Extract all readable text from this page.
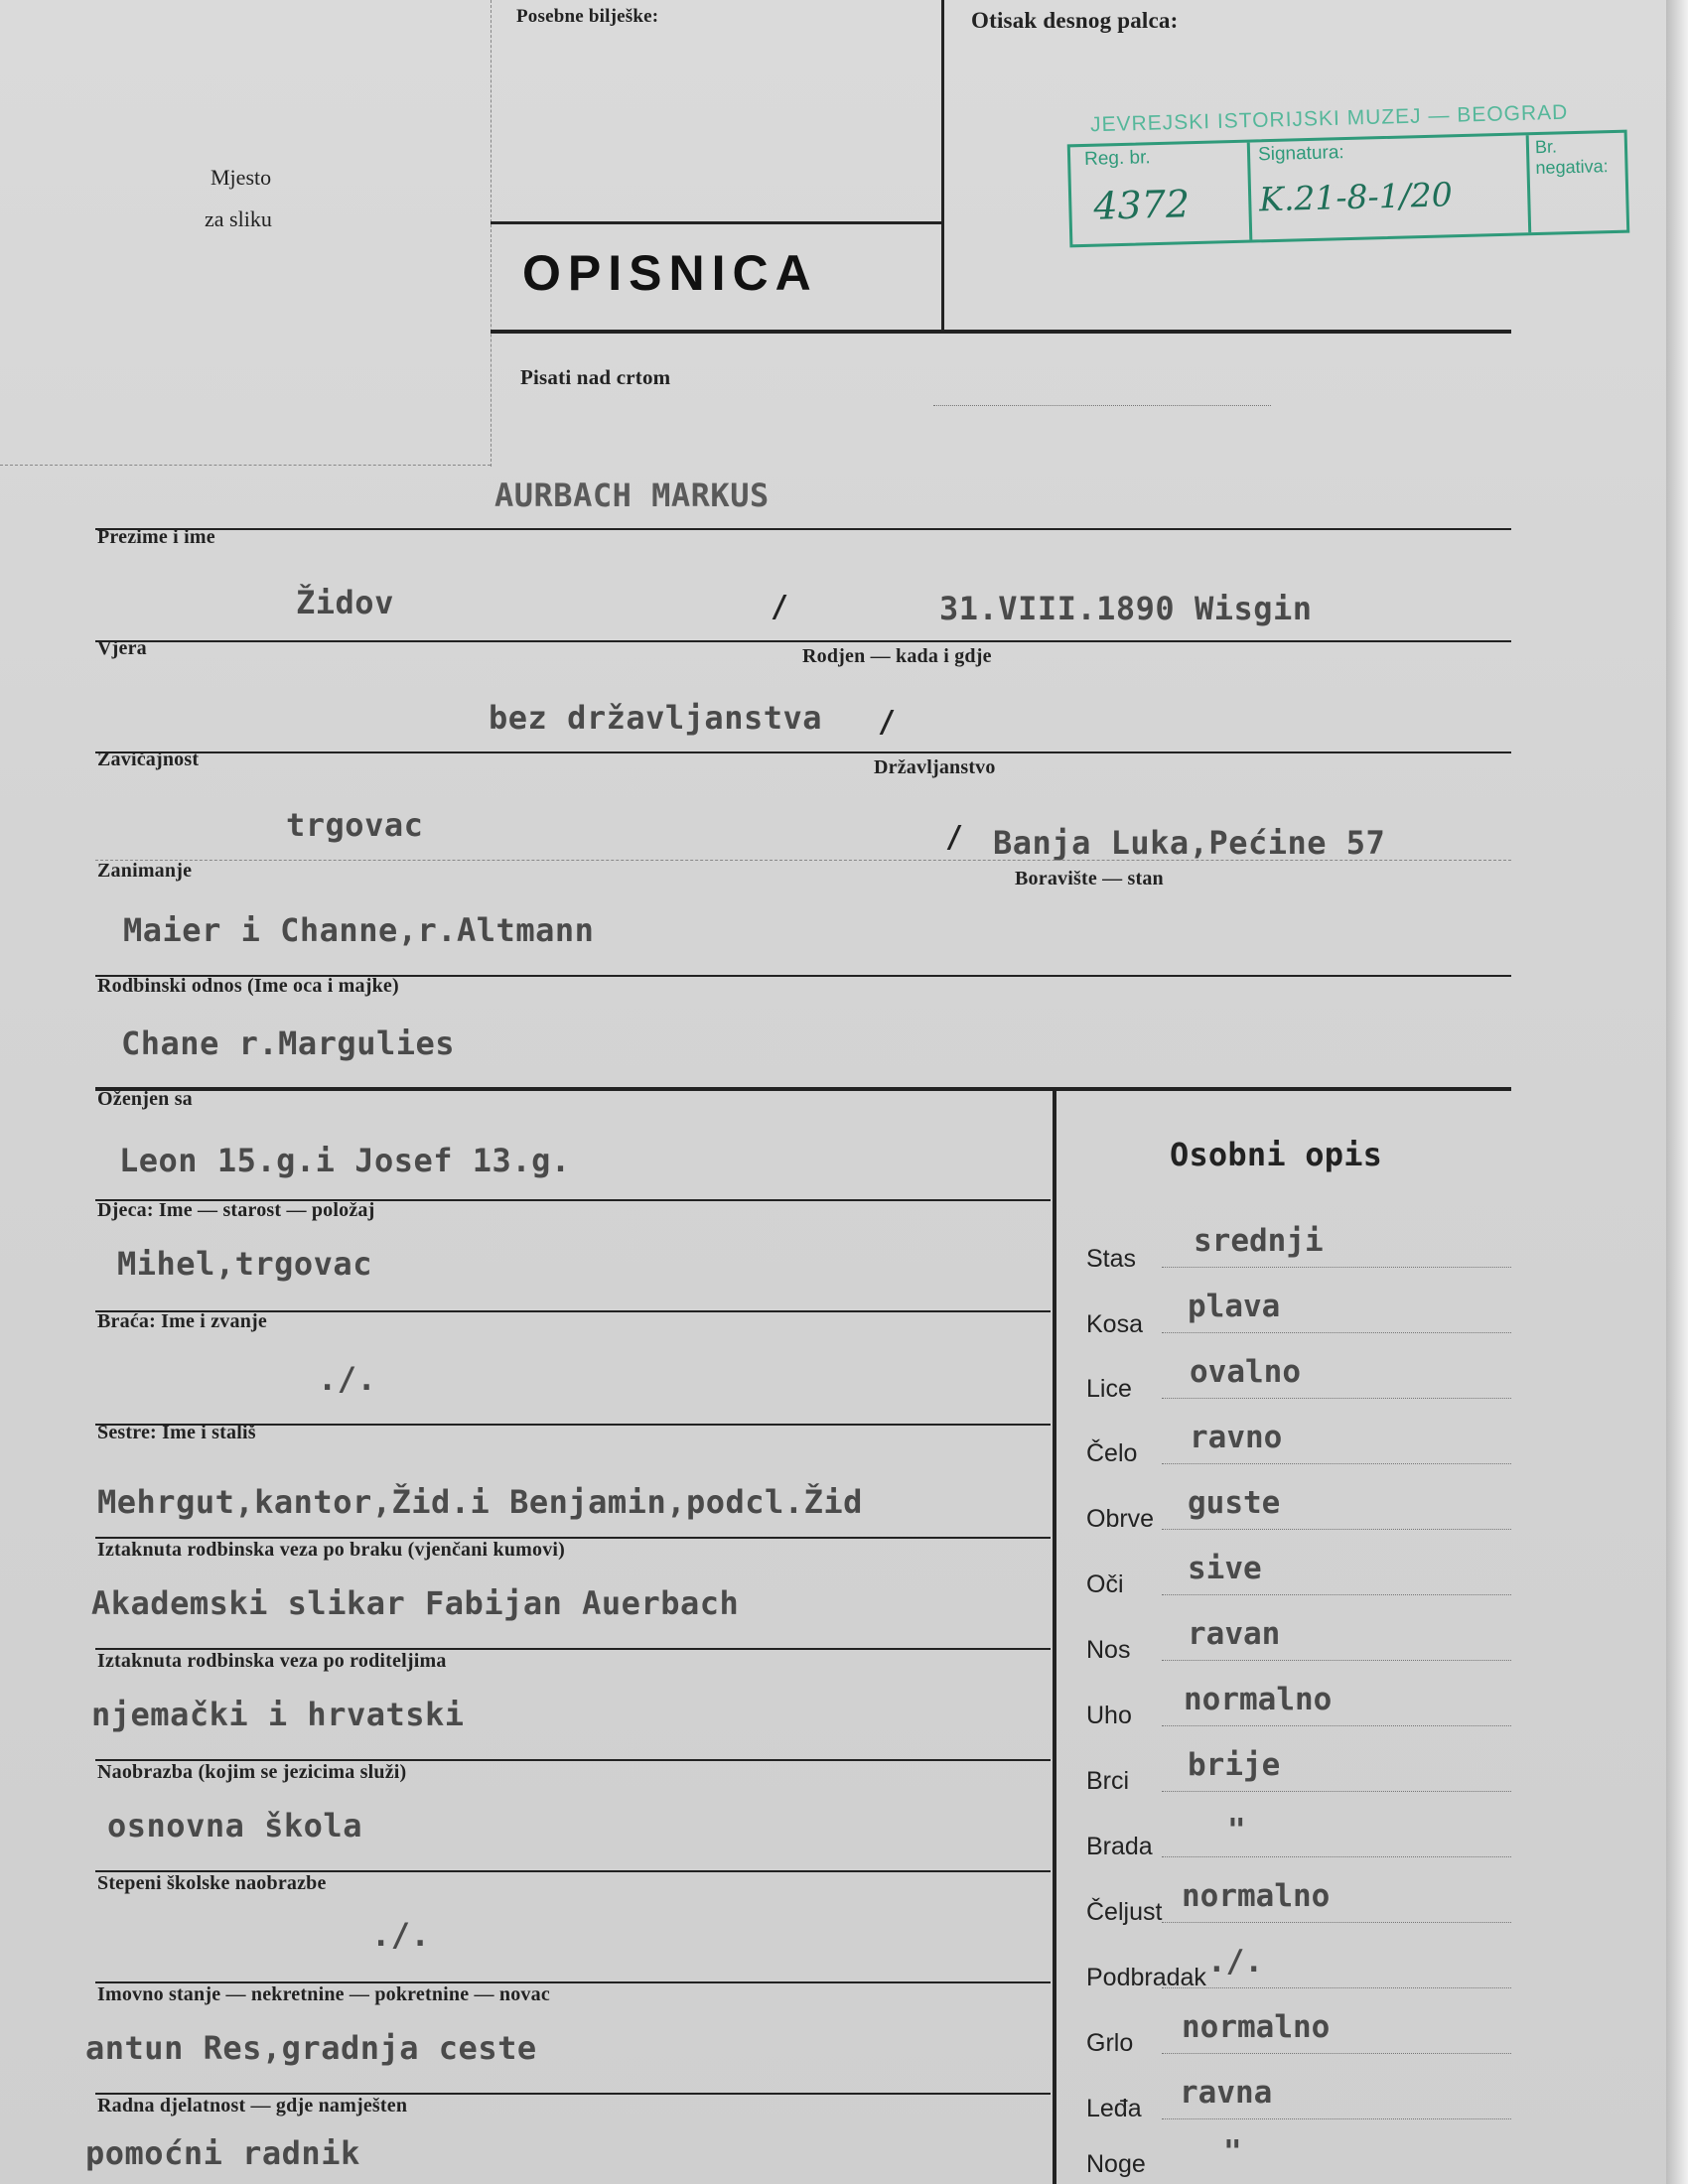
Mjesto
za sliku
Posebne bilješke:	Otisak desnog palca:
OPISNICA
Pisati nad crtom
JEVREJSKI ISTORIJSKI MUZEJ — BEOGRAD
Reg. br.
4372
Signatura:
K.21-8-1/20
Br. negativa:
AURBACH MARKUS
Prezime i ime
Židov	/	31.VIII.1890 Wisgin
Vjera	Rodjen — kada i gdje
bez državljanstva /
Zavičajnost	Državljanstvo
trgovac	/ Banja Luka,Pećine 57
Zanimanje	Boravište — stan
Maier i Channe,r.Altmann
Rodbinski odnos (Ime oca i majke)
Chane r.Margulies
Oženjen sa
Leon 15.g.i Josef 13.g.
Djeca: Ime — starost — položaj
Mihel,trgovac
Braća: Ime i zvanje
./.
Sestre: Ime i stališ
Mehrgut,kantor,Žid.i Benjamin,podcl.Žid
Iztaknuta rodbinska veza po braku (vjenčani kumovi)
Akademski slikar Fabijan Auerbach
Iztaknuta rodbinska veza po roditeljima
njemački i hrvatski
Naobrazba (kojim se jezicima služi)
osnovna škola
Stepeni školske naobrazbe
./.
Imovno stanje — nekretnine — pokretnine — novac
antun Res,gradnja ceste
Radna djelatnost — gdje namješten
pomoćni radnik
Osobni opis
Stas srednji
Kosa plava
Lice ovalno
Čelo ravno
Obrve guste
Oči sive
Nos ravan
Uho normalno
Brci brije
Brada "
Čeljust normalno
Podbradak ./.
Grlo normalno
Leđa ravna
Noge	"
